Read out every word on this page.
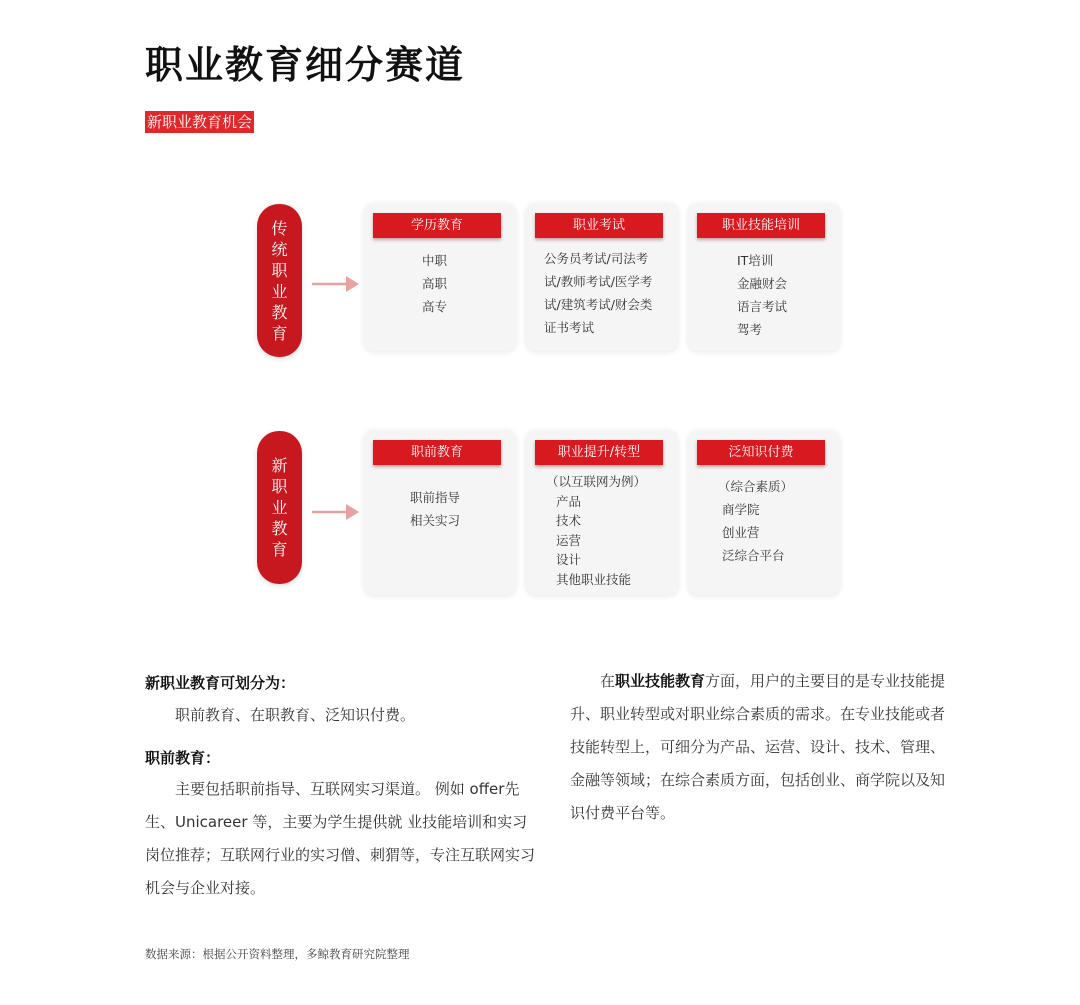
职业教育细分赛道
新职业教育机会
传
统
职
业
教
育
学历教育
中职
高职
高专
职业考试
公务员考试/司法考
试/教师考试/医学考
试/建筑考试/财会类
证书考试
职业技能培训
IT培训
金融财会
语言考试
驾考
新
职
业
教
育
职前教育
职前指导
相关实习
职业提升/转型
（以互联网为例）
产品
技术
运营
设计
其他职业技能
泛知识付费
（综合素质）
商学院
创业营
泛综合平台
新职业教育可划分为：

职前教育、在职教育、泛知识付费。

职前教育：

主要包括职前指导、互联网实习渠道。 例如 offer先生、Unicareer 等，主要为学生提供就 业技能培训和实习岗位推荐；互联网行业的实习僧、刺猬等，专注互联网实习机会与企业对接。

在职业技能教育方面，用户的主要目的是专业技能提升、职业转型或对职业综合素质的需求。在专业技能或者技能转型上，可细分为产品、运营、设计、技术、管理、金融等领域；在综合素质方面，包括创业、商学院以及知识付费平台等。

数据来源：根据公开资料整理，多鲸教育研究院整理
